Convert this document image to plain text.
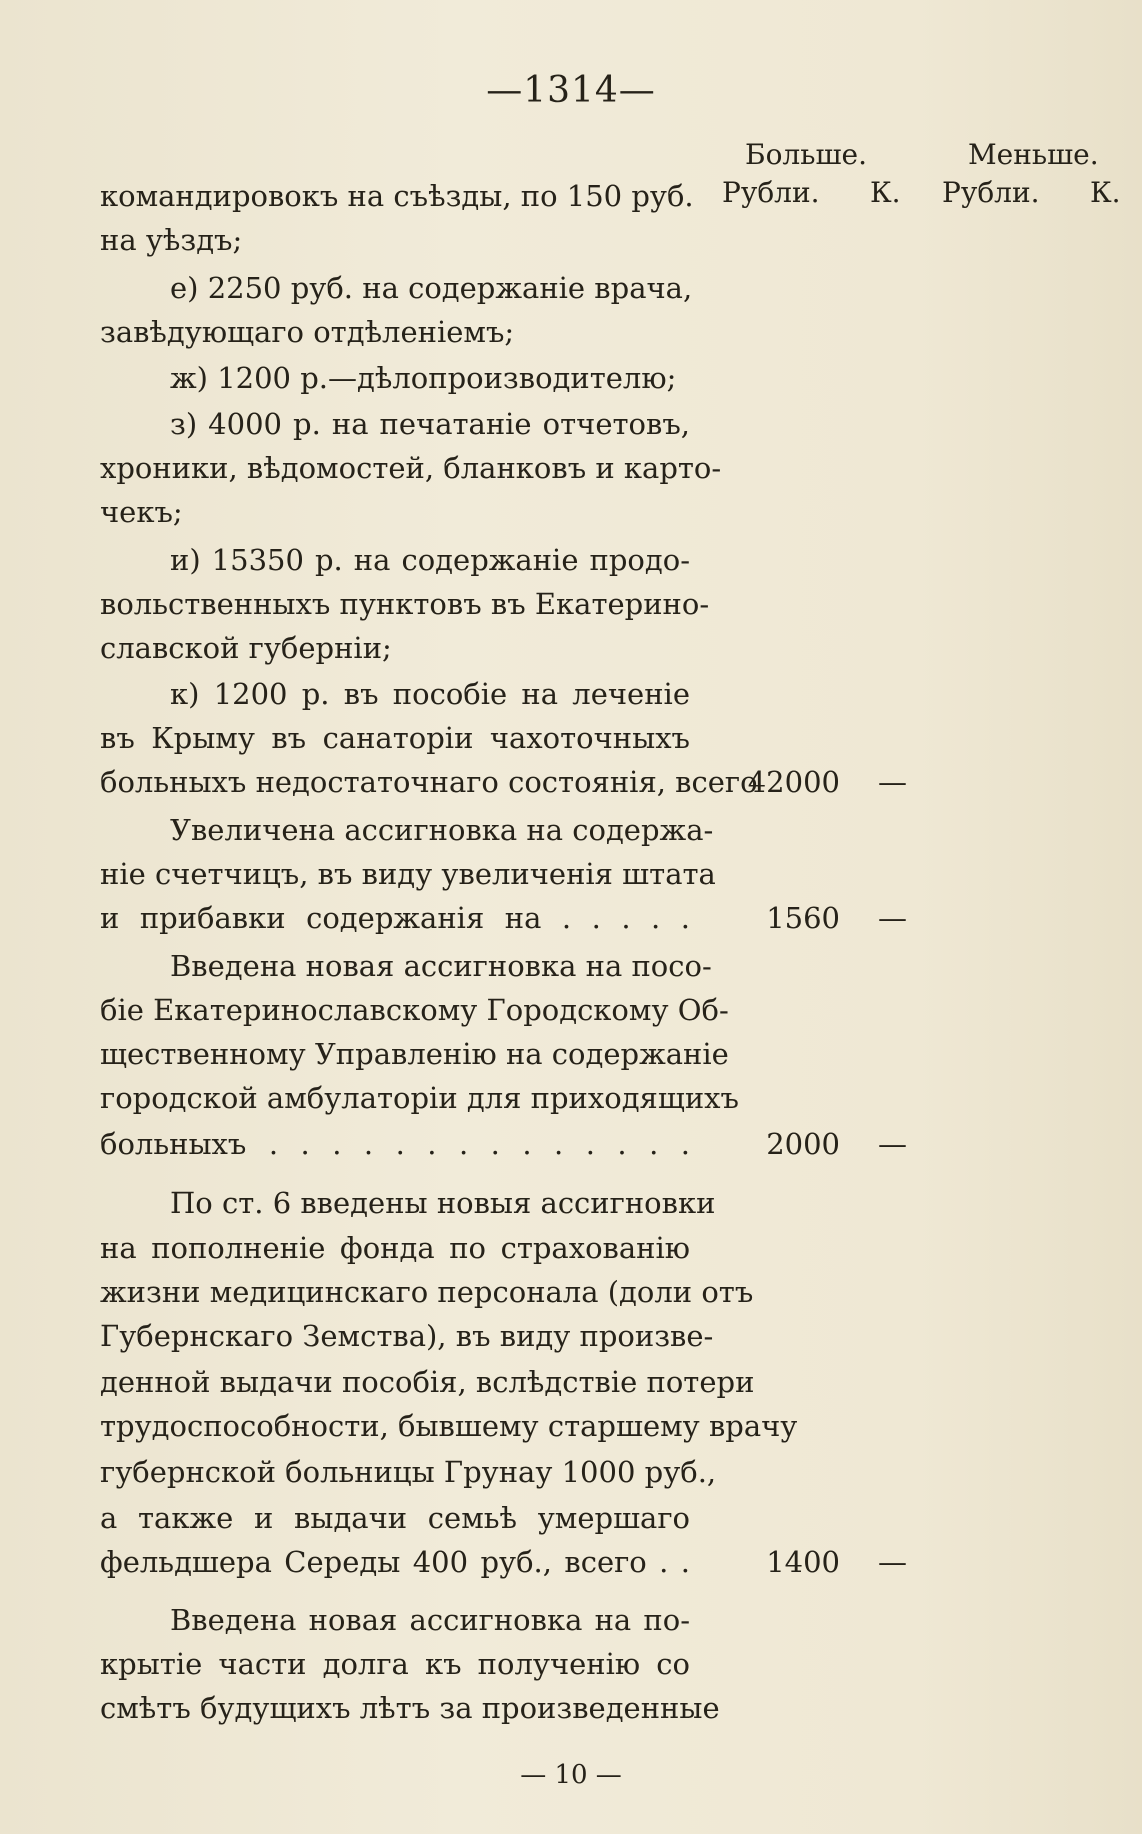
—1314—
Больше.	Меньше.
Рубли. К. Рубли. К.
командировокъ на съѣзды, по 150 руб.
на уѣздъ;
е) 2250 руб. на содержаніе врача,
завѣдующаго отдѣленіемъ;
ж) 1200 р.—дѣлопроизводителю;
з) 4000 р. на печатаніе отчетовъ,
хроники, вѣдомостей, бланковъ и карто-
чекъ;
и) 15350 р. на содержаніе продо-
вольственныхъ пунктовъ въ Екатерино-
славской губерніи;
к) 1200 р. въ пособіе на леченіе
въ Крыму въ санаторіи чахоточныхъ
больныхъ недостаточнаго состоянія, всего
Увеличена ассигновка на содержа-
ніе счетчицъ, въ виду увеличенія штата
и прибавки содержанія на . . . . .
Введена новая ассигновка на посо-
біе Екатеринославскому Городскому Об-
щественному Управленію на содержаніе
городской амбулаторіи для приходящихъ
больныхъ . . . . . . . . . . . . . .
По ст. 6 введены новыя ассигновки
на пополненіе фонда по страхованію
жизни медицинскаго персонала (доли отъ
Губернскаго Земства), въ виду произве-
денной выдачи пособія, вслѣдствіе потери
трудоспособности, бывшему старшему врачу
губернской больницы Грунау 1000 руб.,
а также и выдачи семьѣ умершаго
фельдшера Середы 400 руб., всего . .
Введена новая ассигновка на по-
крытіе части долга къ полученію со
смѣтъ будущихъ лѣтъ за произведенные
42000 —
1560 —
2000 —
1400 —
— 10 —
